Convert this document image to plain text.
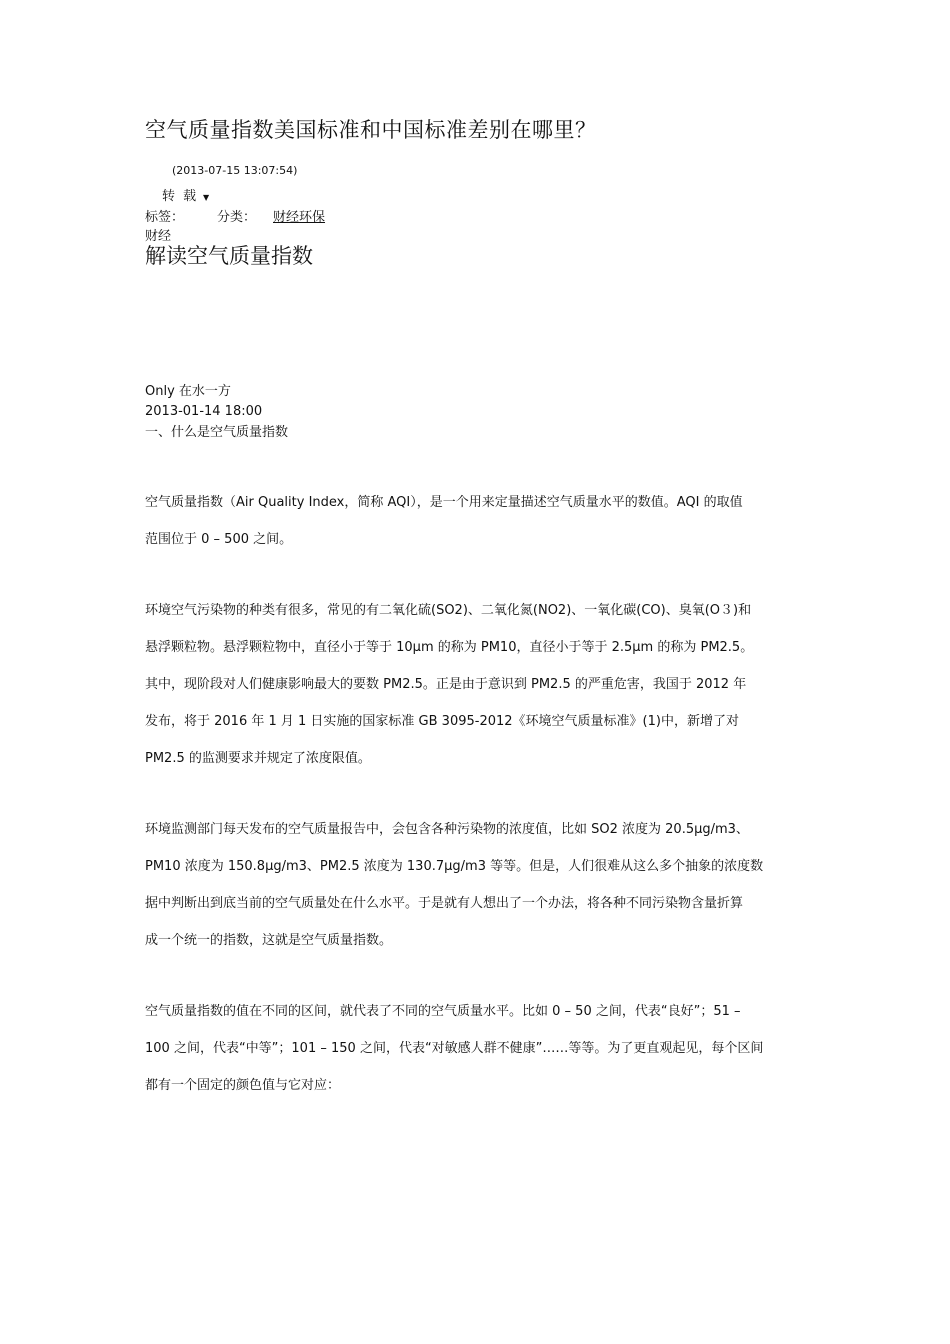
空气质量指数美国标准和中国标准差别在哪里？
(2013-07-15 13:07:54)
转 载 ▼
标签：	分类： 财经环保
财经
解读空气质量指数
Only 在水一方
2013-01-14 18:00
一、什么是空气质量指数
空气质量指数（Air Quality Index，简称 AQI），是一个用来定量描述空气质量水平的数值。AQI 的取值
范围位于 0 – 500 之间。
环境空气污染物的种类有很多，常见的有二氧化硫(SO2)、二氧化氮(NO2)、一氧化碳(CO)、臭氧(O３)和
悬浮颗粒物。悬浮颗粒物中，直径小于等于 10μm 的称为 PM10，直径小于等于 2.5μm 的称为 PM2.5。
其中，现阶段对人们健康影响最大的要数 PM2.5。正是由于意识到 PM2.5 的严重危害，我国于 2012 年
发布，将于 2016 年 1 月 1 日实施的国家标准 GB 3095-2012《环境空气质量标准》(1)中，新增了对
PM2.5 的监测要求并规定了浓度限值。
环境监测部门每天发布的空气质量报告中，会包含各种污染物的浓度值，比如 SO2 浓度为 20.5μg/m3、
PM10 浓度为 150.8μg/m3、PM2.5 浓度为 130.7μg/m3 等等。但是，人们很难从这么多个抽象的浓度数
据中判断出到底当前的空气质量处在什么水平。于是就有人想出了一个办法，将各种不同污染物含量折算
成一个统一的指数，这就是空气质量指数。
空气质量指数的值在不同的区间，就代表了不同的空气质量水平。比如 0 – 50 之间，代表“良好”；51 –
100 之间，代表“中等”；101 – 150 之间，代表“对敏感人群不健康”……等等。为了更直观起见，每个区间
都有一个固定的颜色值与它对应：
